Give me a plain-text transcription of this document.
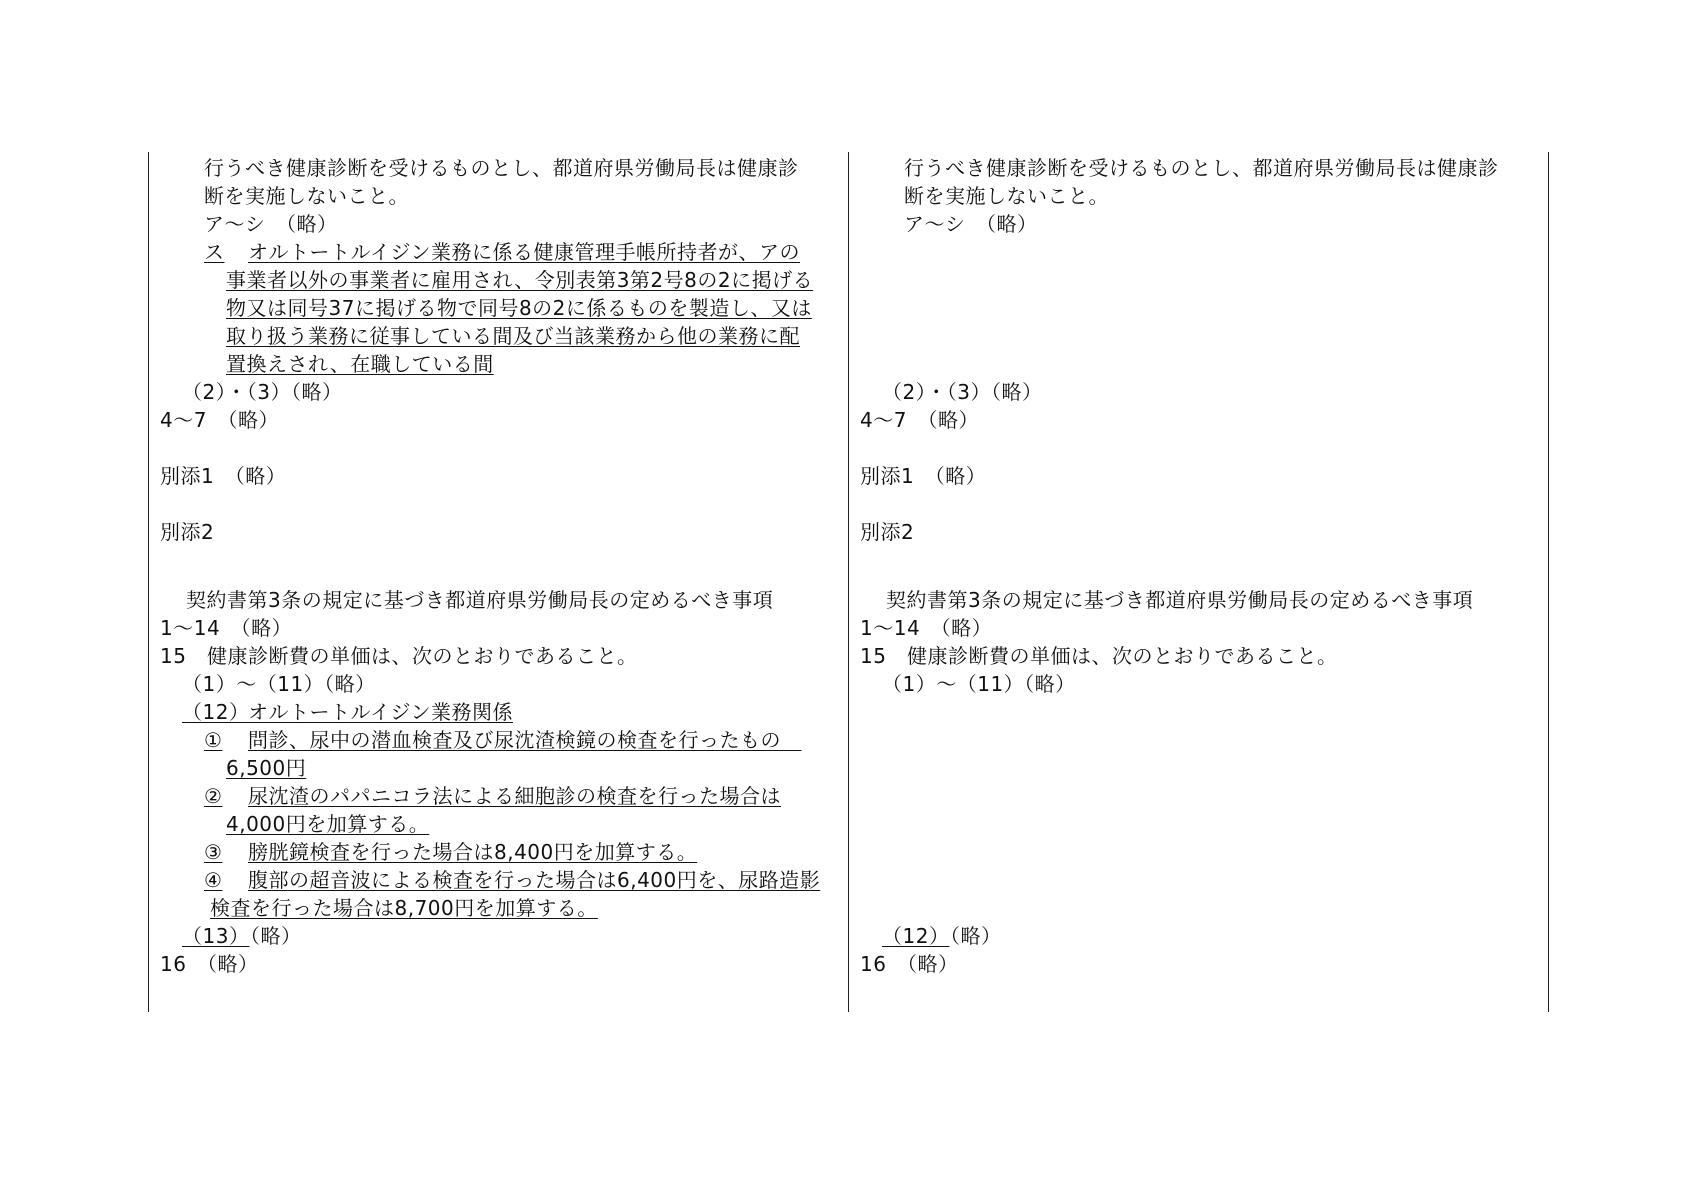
行うべき健康診断を受けるものとし、都道府県労働局長は健康診
断を実施しないこと。
ア～シ　（略）
ス オルトートルイジン業務に係る健康管理手帳所持者が、アの
事業者以外の事業者に雇用され、令別表第3第2号8の2に掲げる
物又は同号37に掲げる物で同号8の2に係るものを製造し、又は
取り扱う業務に従事している間及び当該業務から他の業務に配
置換えされ、在職している間
（2）・（3）（略）
4～7　（略）
別添1　（略）
別添2
契約書第3条の規定に基づき都道府県労働局長の定めるべき事項
1～14　（略）
15　健康診断費の単価は、次のとおりであること。
（1）～（11）（略）
（12）
オルトートルイジン業務関係
① 問診、尿中の潜血検査及び尿沈渣検鏡の検査を行ったもの　
6,500円
② 尿沈渣のパパニコラ法による細胞診の検査を行った場合は
4,000円を加算する。
③ 膀胱鏡検査を行った場合は8,400円を加算する。
④ 腹部の超音波による検査を行った場合は6,400円を、尿路造影
検査を行った場合は8,700円を加算する。
（13）
（略）
16　（略）
行うべき健康診断を受けるものとし、都道府県労働局長は健康診
断を実施しないこと。
ア～シ　（略）
（2）・（3）（略）
4～7　（略）
別添1　（略）
別添2
契約書第3条の規定に基づき都道府県労働局長の定めるべき事項
1～14　（略）
15　健康診断費の単価は、次のとおりであること。
（1）～（11）（略）
（12）
（略）
16　（略）
